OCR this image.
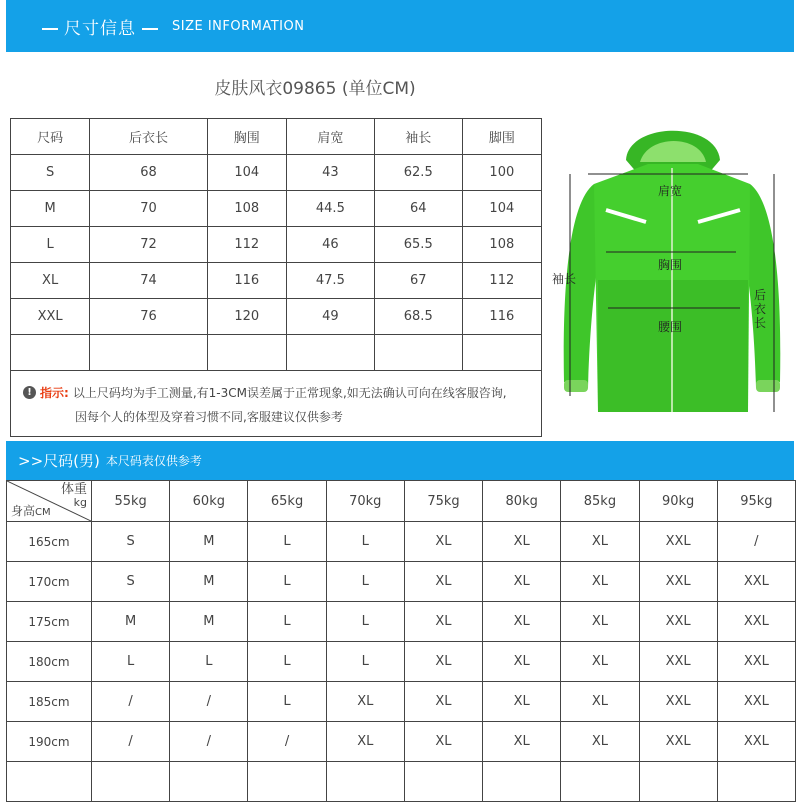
尺寸信息	SIZE INFORMATION
皮肤风衣09865 (单位CM)
尺码	后衣长	胸围	肩宽	袖长	脚围
S	68	104	43	62.5	100
M	70	108	44.5	64	104
L	72	112	46	65.5	108
XL	74	116	47.5	67	112
XXL	76	120	49	68.5	116

! 指示: 以上尺码均为手工测量,有1-3CM误差属于正常现象,如无法确认可向在线客服咨询,
因每个人的体型及穿着习惯不同,客服建议仅供参考
肩宽
胸围
腰围
袖长
后衣长
>>尺码(男) 本尺码表仅供参考
体重
kg
身高CM	55kg	60kg	65kg	70kg	75kg	80kg	85kg	90kg	95kg
165cm	S	M	L	L	XL	XL	XL	XXL	/
170cm	S	M	L	L	XL	XL	XL	XXL	XXL
175cm	M	M	L	L	XL	XL	XL	XXL	XXL
180cm	L	L	L	L	XL	XL	XL	XXL	XXL
185cm	/	/	L	XL	XL	XL	XL	XXL	XXL
190cm	/	/	/	XL	XL	XL	XL	XXL	XXL
